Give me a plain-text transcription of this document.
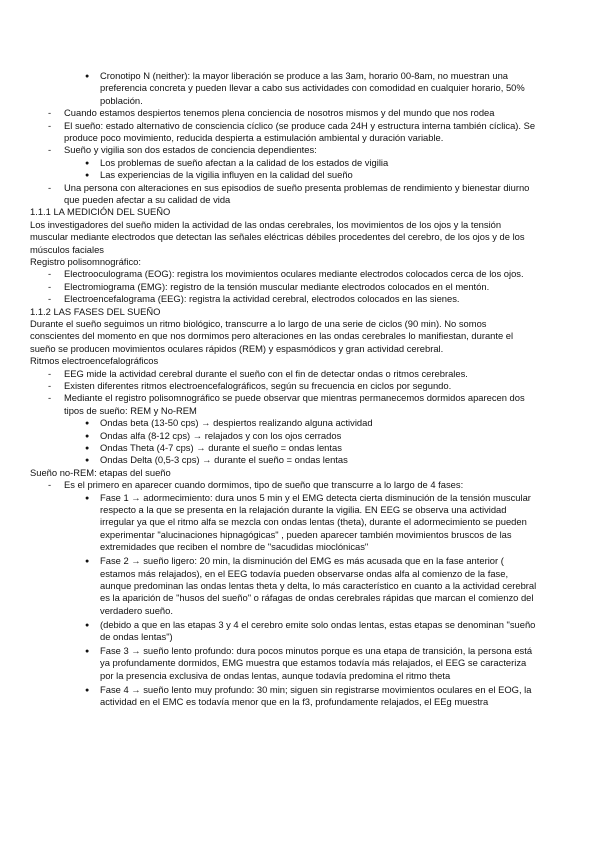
● Cronotipo N (neither): la mayor liberación se produce a las 3am, horario 00-8am, no muestran una
preferencia concreta y pueden llevar a cabo sus actividades con comodidad en cualquier horario, 50%
población.
- Cuando estamos despiertos tenemos plena conciencia de nosotros mismos y del mundo que nos rodea
- El sueño: estado alternativo de consciencia cíclico (se produce cada 24H y estructura interna también cíclica). Se
produce poco movimiento, reducida despierta a estimulación ambiental y duración variable.
- Sueño y vigilia son dos estados de conciencia dependientes:
● Los problemas de sueño afectan a la calidad de los estados de vigilia
● Las experiencias de la vigilia influyen en la calidad del sueño
- Una persona con alteraciones en sus episodios de sueño presenta problemas de rendimiento y bienestar diurno
que pueden afectar a su calidad de vida
1.1.1 LA MEDICIÓN DEL SUEÑO
Los investigadores del sueño miden la actividad de las ondas cerebrales, los movimientos de los ojos y la tensión
muscular mediante electrodos que detectan las señales eléctricas débiles procedentes del cerebro, de los ojos y de los
músculos faciales
Registro polisomnográfico:
- Electrooculograma (EOG): registra los movimientos oculares mediante electrodos colocados cerca de los ojos.
- Electromiograma (EMG): registro de la tensión muscular mediante electrodos colocados en el mentón.
- Electroencefalograma (EEG): registra la actividad cerebral, electrodos colocados en las sienes.
1.1.2 LAS FASES DEL SUEÑO
Durante el sueño seguimos un ritmo biológico, transcurre a lo largo de una serie de ciclos (90 min). No somos
conscientes del momento en que nos dormimos pero alteraciones en las ondas cerebrales lo manifiestan, durante el
sueño se producen movimientos oculares rápidos (REM) y espasmódicos y gran actividad cerebral.
Ritmos electroencefalográficos
- EEG mide la actividad cerebral durante el sueño con el fin de detectar ondas o ritmos cerebrales.
- Existen diferentes ritmos electroencefalográficos, según su frecuencia en ciclos por segundo.
- Mediante el registro polisomnográfico se puede observar que mientras permanecemos dormidos aparecen dos
tipos de sueño: REM y No-REM
● Ondas beta (13-50 cps) → despiertos realizando alguna actividad
● Ondas alfa (8-12 cps) → relajados y con los ojos cerrados
● Ondas Theta (4-7 cps) → durante el sueño = ondas lentas
● Ondas Delta (0,5-3 cps) → durante el sueño = ondas lentas
Sueño no-REM: etapas del sueño
- Es el primero en aparecer cuando dormimos, tipo de sueño que transcurre a lo largo de 4 fases:
● Fase 1 → adormecimiento: dura unos 5 min y el EMG detecta cierta disminución de la tensión muscular
respecto a la que se presenta en la relajación durante la vigilia. EN EEG se observa una actividad
irregular ya que el ritmo alfa se mezcla con ondas lentas (theta), durante el adormecimiento se pueden
experimentar "alucinaciones hipnagógicas" , pueden aparecer también movimientos bruscos de las
extremidades que reciben el nombre de "sacudidas mioclónicas"
● Fase 2 → sueño ligero: 20 min, la disminución del EMG es más acusada que en la fase anterior (
estamos más relajados), en el EEG todavía pueden observarse ondas alfa al comienzo de la fase,
aunque predominan las ondas lentas theta y delta, lo más característico en cuanto a la actividad cerebral
es la aparición de "husos del sueño" o ráfagas de ondas cerebrales rápidas que marcan el comienzo del
verdadero sueño.
● (debido a que en las etapas 3 y 4 el cerebro emite solo ondas lentas, estas etapas se denominan "sueño
de ondas lentas")
● Fase 3 → sueño lento profundo: dura pocos minutos porque es una etapa de transición, la persona está
ya profundamente dormidos, EMG muestra que estamos todavía más relajados, el EEG se caracteriza
por la presencia exclusiva de ondas lentas, aunque todavía predomina el ritmo theta
● Fase 4 → sueño lento muy profundo: 30 min; siguen sin registrarse movimientos oculares en el EOG, la
actividad en el EMC es todavía menor que en la f3, profundamente relajados, el EEg muestra
